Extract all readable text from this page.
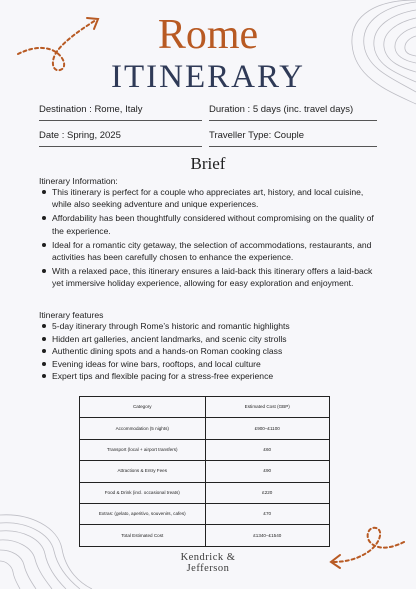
Rome
ITINERARY
Destination : Rome, Italy	Duration : 5 days (inc. travel days)
Date : Spring, 2025	Traveller Type: Couple
Brief
Itinerary Information:
This itinerary is perfect for a couple who appreciates art, history, and local cuisine, while also seeking adventure and unique experiences.
Affordability has been thoughtfully considered without compromising on the quality of the experience.
Ideal for a romantic city getaway, the selection of accommodations, restaurants, and activities has been carefully chosen to enhance the experience.
With a relaxed pace, this itinerary ensures a laid-back this itinerary offers a laid-back yet immersive holiday experience, allowing for easy exploration and enjoyment.
Itinerary features
5-day itinerary through Rome’s historic and romantic highlights
Hidden art galleries, ancient landmarks, and scenic city strolls
Authentic dining spots and a hands-on Roman cooking class
Evening ideas for wine bars, rooftops, and local culture
Expert tips and flexible pacing for a stress-free experience
Category	Estimated Cost (GBP)
Accommodation (5 nights)	£900–£1100
Transport (local + airport transfers)	£60
Attractions & Entry Fees	£90
Food & Drink (incl. occasional treats)	£220
Extras: (gelato, aperitivo, souvenirs, cafes)	£70
Total Estimated Cost	£1340–£1540
Kendrick &
Jefferson
